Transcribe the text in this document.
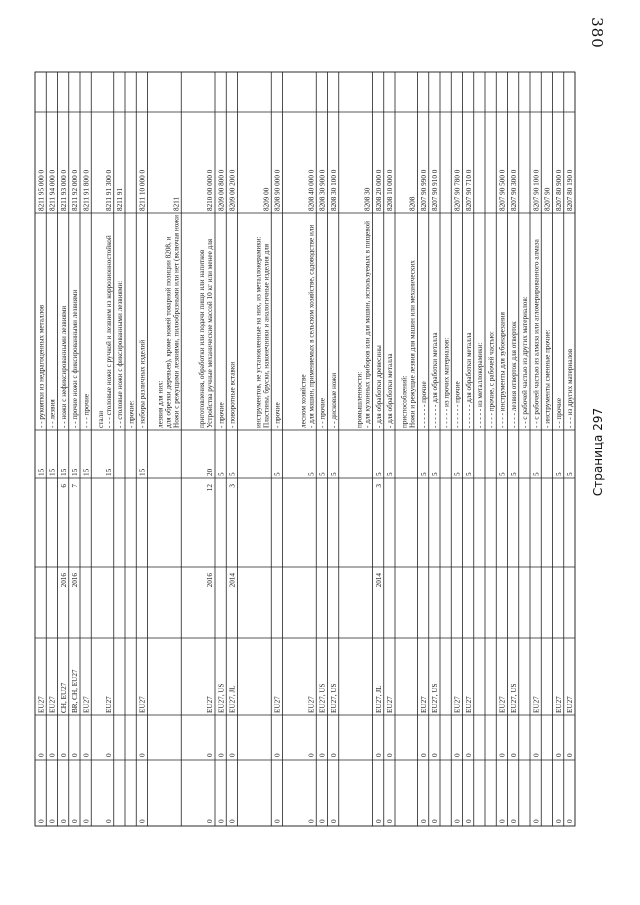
8207 80 190 0
- - - из других материалов
5
EU27
0
0
8207 80 900 0
- - прочие
5
EU27
0
0
8207 90
- инструменты сменные прочие:
8207 90 100 0
- - с рабочей частью из алмаза или агломерированного алмаза
5
EU27
0
0
- - с рабочей частью из других материалов:
8207 90 300 0
- - - - лезвия отверток для отверток
5
EU27, US
0
0
8207 90 500 0
- - - - инструменты для зубонарезания
5
EU27
0
0
- - - - прочие, с рабочей частью:
- - - - - из металлокерамики:
8207 90 710 0
- - - - - - для обработки металла
5
EU27
0
0
8207 90 780 0
- - - - - - прочие
5
EU27
0
0
- - - - - из прочих материалов:
8207 90 910 0
- - - - - - для обработки металла
5
EU27, US
0
0
8207 90 990 0
- - - - - - прочие
5
EU27
0
0
8208
Ножи и режущие лезвия для машин или механических
приспособлений:
8208 10 000 0
- для обработки металла
5
EU27
0
0
8208 20 000 0
- для обработки древесины
5
3
2014
EU27, JL
0
0
8208 30
- для кухонных приборов или для машин, используемых в пищевой
промышленности:
8208 30 100 0
- - дисковые ножи
5
EU27, US
0
0
8208 30 900 0
- - прочие
5
EU27, US
0
0
8208 40 000 0
- для машин, применяемых в сельском хозяйстве, садоводстве или
лесном хозяйстве
5
EU27
0
0
8208 90 000 0
- прочие
5
EU27
0
0
8209 00
Пластины, бруски, наконечники и аналогичные изделия для
инструментов, не установленные на них, из металлокерамики:
8209 00 200 0
- поворотные вставки
5
3
2014
EU27, JL
0
0
8209 00 800 0
- прочие
5
EU27, US
0
0
8210 00 000 0
Устройства ручные механические массой 10 кг или менее для
приготовления, обработки или подачи пищи или напитков
20
12
2016
EU27
0
0
8211
Ножи с режущими лезвиями, пилообразными или нет (включая ножи
для обрезки деревьев), кроме ножей товарной позиции 8208, и
лезвия для них:
8211 10 000 0
- наборы различных изделий
15
EU27
0
0
- прочие:
8211 91
- - столовые ножи с фиксированными лезвиями:
8211 91 300 0
- - - столовые ножи с ручкой и лезвием из коррозионностойкой
стали
15
EU27
0
0
8211 91 800 0
- - - прочие
15
EU27
0
0
8211 92 000 0
- - прочие ножи с фиксированными лезвиями
15
7
2016
BR, CH, EU27
0
0
8211 93 000 0
- - ножи с нефиксированными лезвиями
15
6
2016
CH, EU27
0
0
8211 94 000 0
- - лезвия
15
EU27
0
0
8211 95 000 0
- - рукоятки из недрагоценных металлов
15
EU27
0
0
380
Страница 297
